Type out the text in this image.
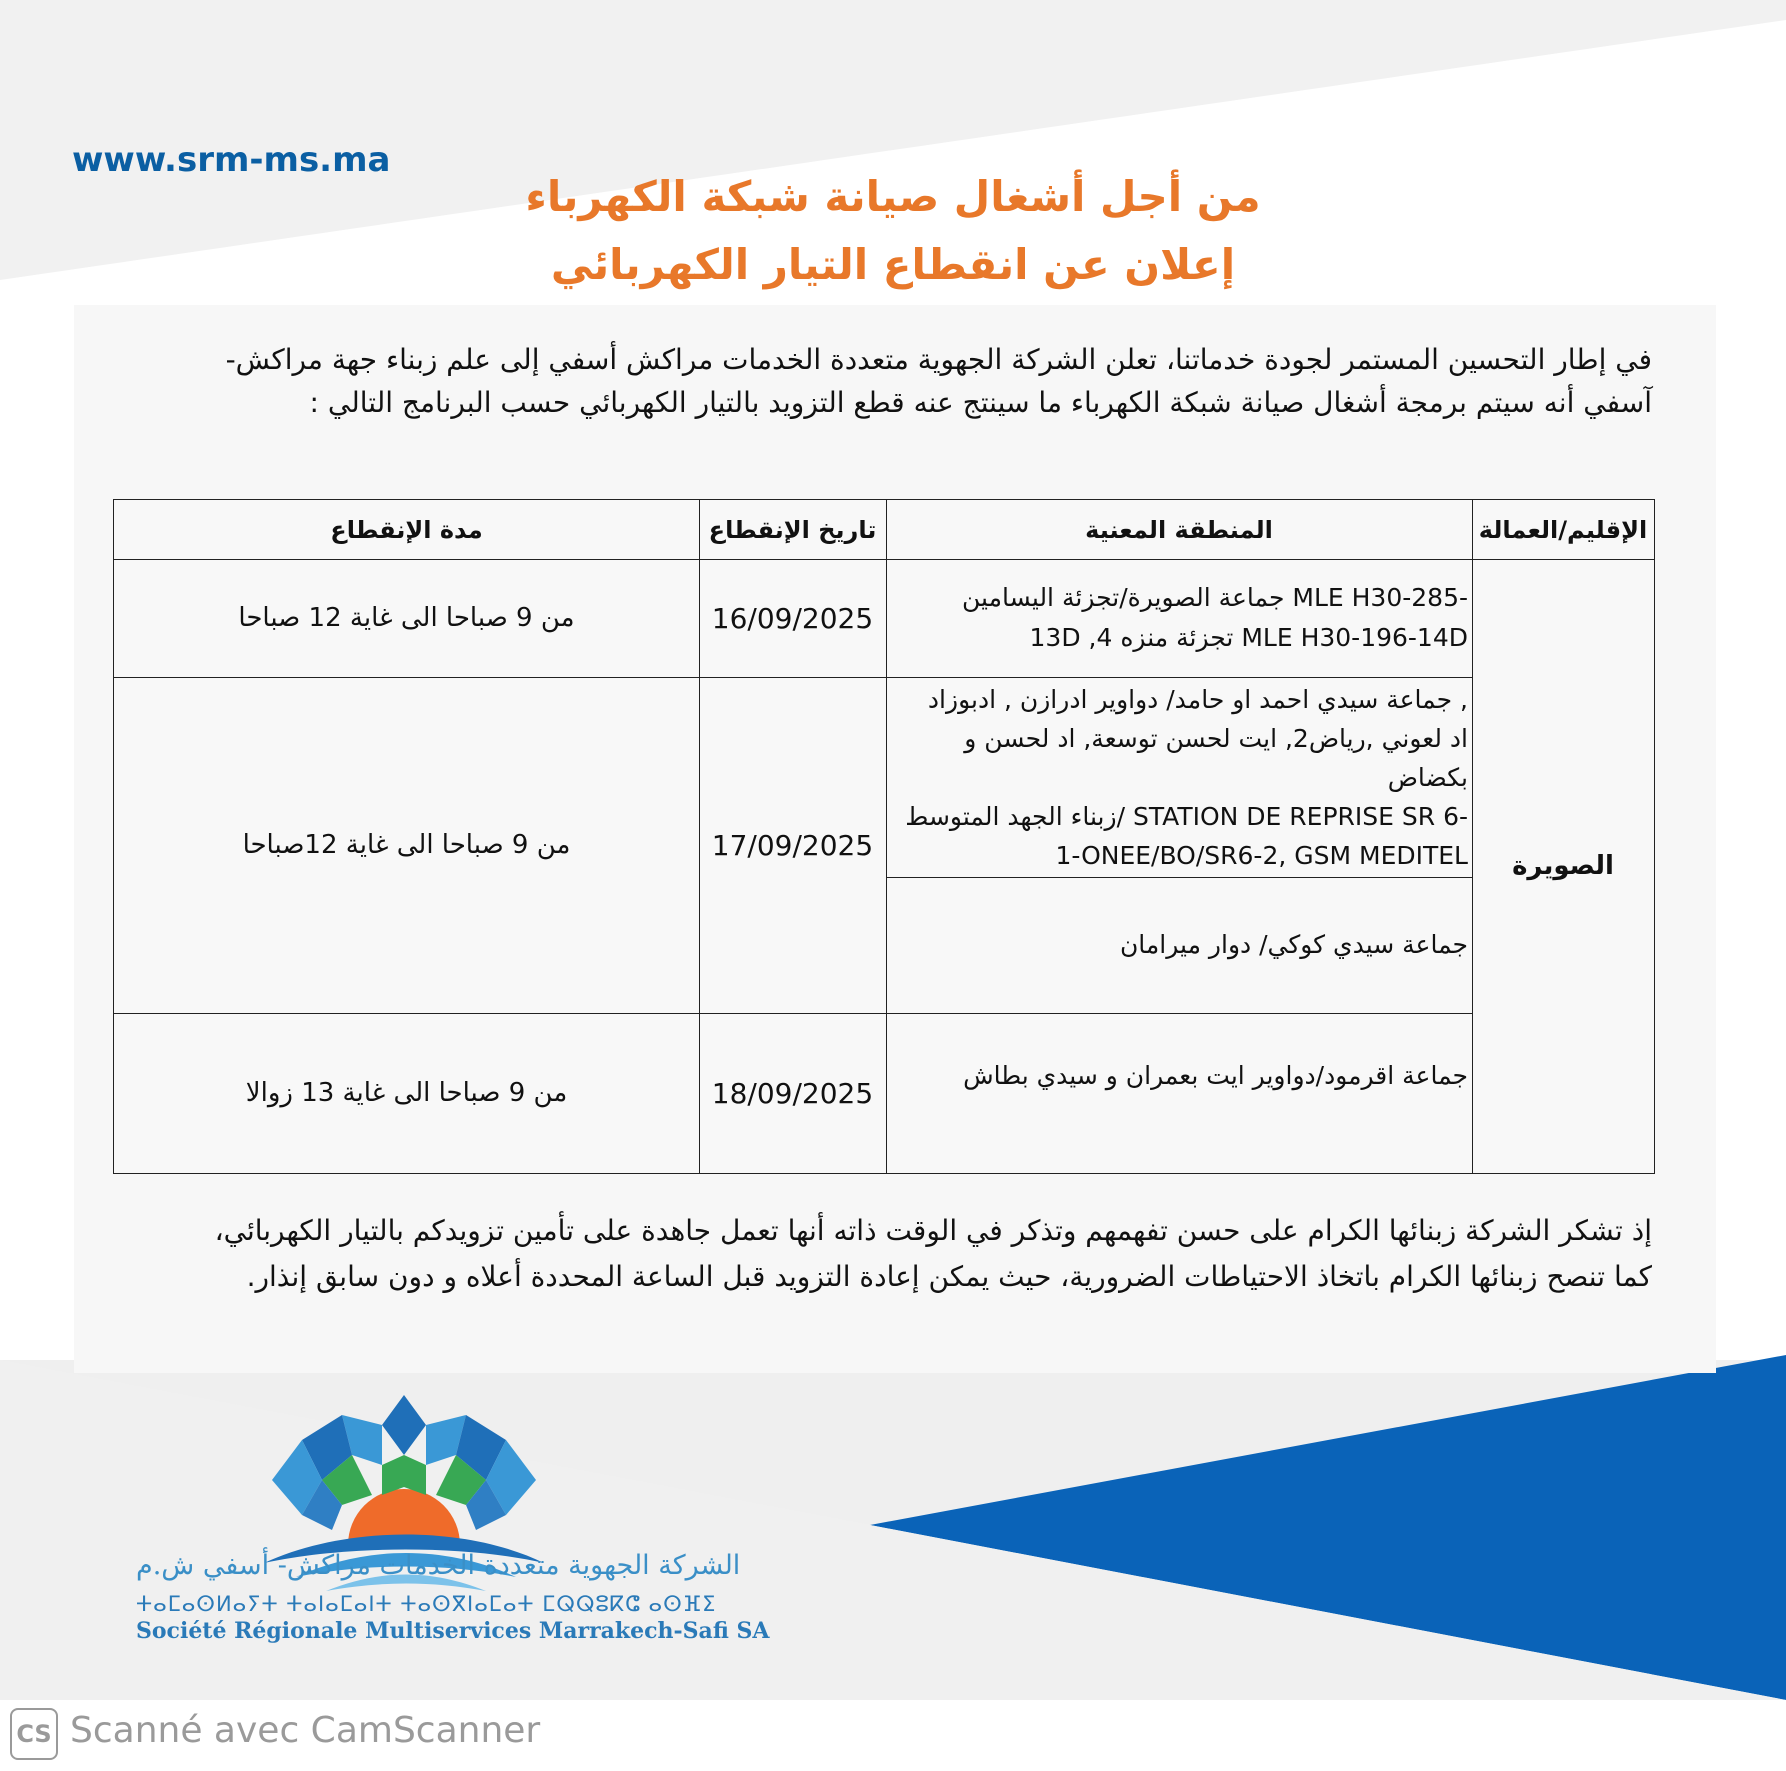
www.srm-ms.ma
من أجل أشغال صيانة شبكة الكهرباء
إعلان عن انقطاع التيار الكهربائي
في إطار التحسين المستمر لجودة خدماتنا، تعلن الشركة الجهوية متعددة الخدمات مراكش أسفي إلى علم زبناء جهة مراكش-
آسفي أنه سيتم برمجة أشغال صيانة شبكة الكهرباء ما سينتج عنه قطع التزويد بالتيار الكهربائي حسب البرنامج التالي :
الإقليم/العمالة
المنطقة المعنية
تاريخ الإنقطاع
مدة الإنقطاع
الصويرة
جماعة الصويرة/تجزئة اليسامين MLE H30-285-
13D ,تجزئة منزه 4 MLE H30-196-14D
16/09/2025
من 9 صباحا الى غاية 12 صباحا
جماعة سيدي احمد او حامد/ دواوير ادرازن , ادبوزاد ,
اد لعوني ,رياض2, ايت لحسن توسعة, اد لحسن و
بكضاض
زبناء الجهد المتوسط/ STATION DE REPRISE SR 6-
1-ONEE/BO/SR6-2, GSM MEDITEL
جماعة سيدي كوكي/ دوار ميرامان
17/09/2025
من 9 صباحا الى غاية 12صباحا
جماعة اقرمود/دواوير ايت بعمران و سيدي بطاش
18/09/2025
من 9 صباحا الى غاية 13 زوالا
إذ تشكر الشركة زبنائها الكرام على حسن تفهمهم وتذكر في الوقت ذاته أنها تعمل جاهدة على تأمين تزويدكم بالتيار الكهربائي،
كما تنصح زبنائها الكرام باتخاذ الاحتياطات الضرورية، حيث يمكن إعادة التزويد قبل الساعة المحددة أعلاه و دون سابق إنذار.
الشركة الجهوية متعددة الخدمات مراكش- أسفي ش.م
ⵜⴰⵎⴰⵙⵍⴰⵢⵜ ⵜⴰⵏⴰⵎⴰⵏⵜ ⵜⴰⵙⴳⵏⴰⵎⴰⵜ ⵎⵕⵕⵓⴽⵛ ⴰⵙⴼⵉ
Société Régionale Multiservices Marrakech-Safi SA
CS Scanné avec CamScanner
